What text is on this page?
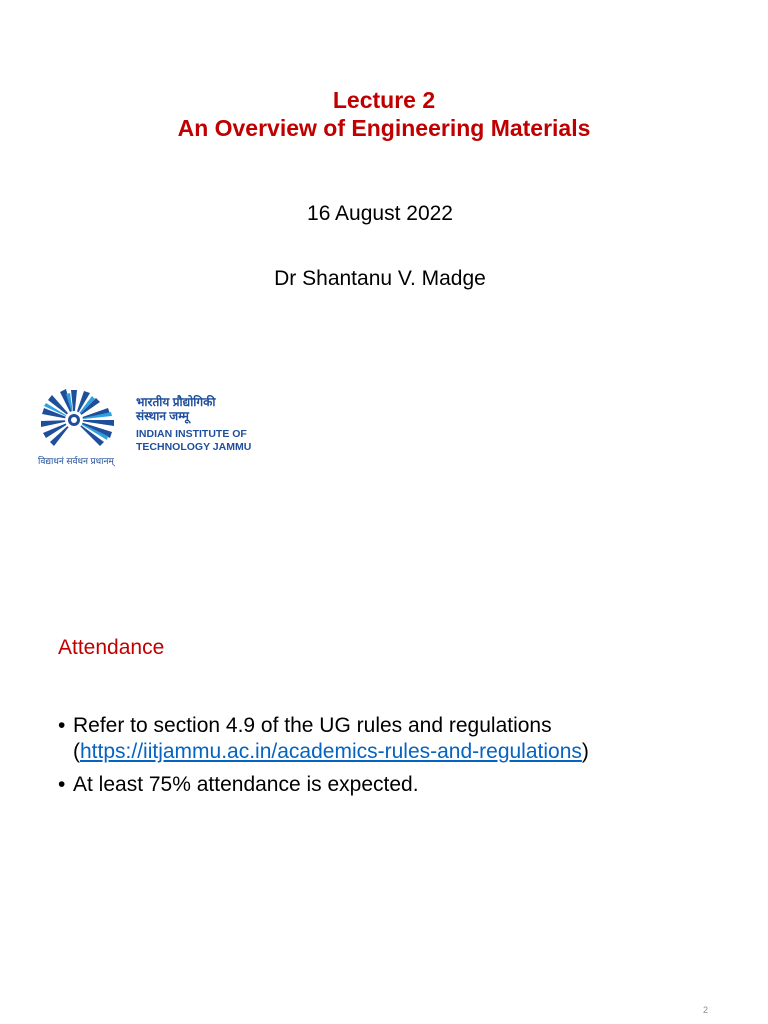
Lecture 2
An Overview of Engineering Materials
16 August 2022
Dr Shantanu V. Madge
भारतीय प्रौद्योगिकी
संस्थान जम्मू
INDIAN INSTITUTE OF
TECHNOLOGY JAMMU
विद्याधनं सर्वधन प्रधानम्
Attendance
• Refer to section 4.9 of the UG rules and regulations
(https://iitjammu.ac.in/academics-rules-and-regulations)
• At least 75% attendance is expected.
2
